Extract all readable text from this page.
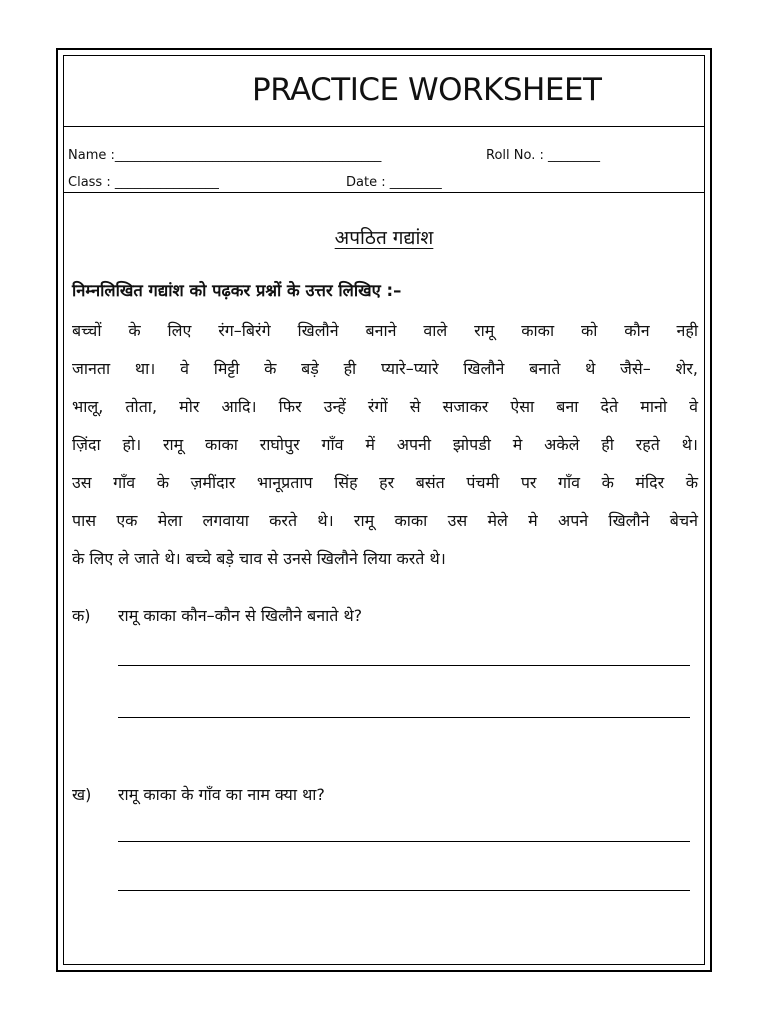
PRACTICE WORKSHEET
Name :_________________________________________	Roll No. : ________
Class : ________________	Date : ________
अपठित गद्यांश
निम्नलिखित गद्यांश को पढ़कर प्रश्नों के उत्तर लिखिए :–
बच्चों के लिए रंग–बिरंगे खिलौने बनाने वाले रामू काका को कौन नही
जानता था। वे मिट्टी के बड़े ही प्यारे–प्यारे खिलौने बनाते थे जैसे– शेर,
भालू, तोता, मोर आदि। फिर उन्हें रंगों से सजाकर ऐसा बना देते मानो वे
ज़िंदा हो। रामू काका राघोपुर गाँव में अपनी झोपडी मे अकेले ही रहते थे।
उस गाँव के ज़मींदार भानूप्रताप सिंह हर बसंत पंचमी पर गाँव के मंदिर के
पास एक मेला लगवाया करते थे। रामू काका उस मेले मे अपने खिलौने बेचने
के लिए ले जाते थे। बच्चे बड़े चाव से उनसे खिलौने लिया करते थे।
क) रामू काका कौन–कौन से खिलौने बनाते थे?
ख) रामू काका के गाँव का नाम क्या था?
